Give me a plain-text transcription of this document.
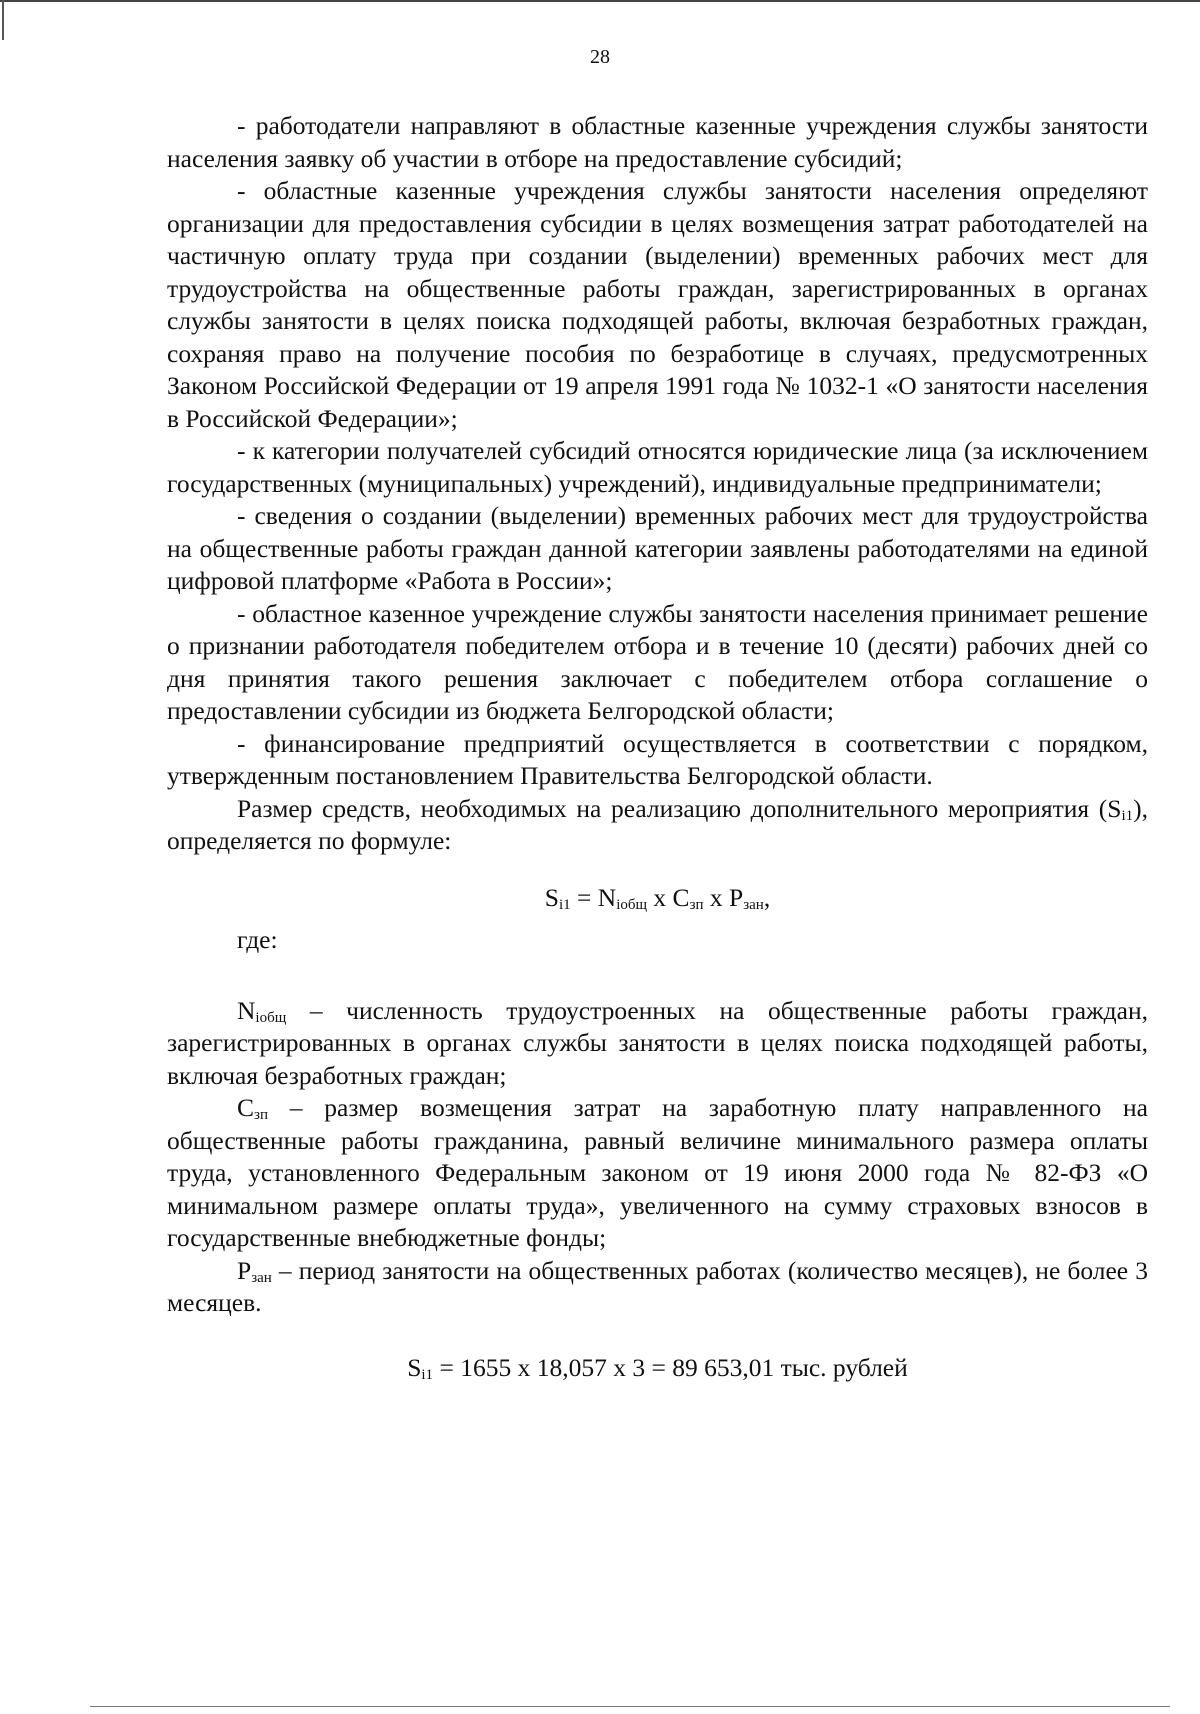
28

- работодатели направляют в областные казенные учреждения службы занятости населения заявку об участии в отборе на предоставление субсидий;

- областные казенные учреждения службы занятости населения определяют организации для предоставления субсидии в целях возмещения затрат работодателей на частичную оплату труда при создании (выделении) временных рабочих мест для трудоустройства на общественные работы граждан, зарегистрированных в органах службы занятости в целях поиска подходящей работы, включая безработных граждан, сохраняя право на получение пособия по безработице в случаях, предусмотренных Законом Российской Федерации от 19 апреля 1991 года № 1032-1 «О занятости населения в Российской Федерации»;

- к категории получателей субсидий относятся юридические лица (за исключением государственных (муниципальных) учреждений), индивидуальные предприниматели;

- сведения о создании (выделении) временных рабочих мест для трудоустройства на общественные работы граждан данной категории заявлены работодателями на единой цифровой платформе «Работа в России»;

- областное казенное учреждение службы занятости населения принимает решение о признании работодателя победителем отбора и в течение 10 (десяти) рабочих дней со дня принятия такого решения заключает с победителем отбора соглашение о предоставлении субсидии из бюджета Белгородской области;

- финансирование предприятий осуществляется в соответствии с порядком, утвержденным постановлением Правительства Белгородской области.

Размер средств, необходимых на реализацию дополнительного мероприятия $(S_{i1})$, определяется по формуле:

$S_{i1} = N_{iобщ}$ х $С_{зп}$ х $Р_{зан}$,
где:

$N_{iобщ}$ – численность трудоустроенных на общественные работы граждан, зарегистрированных в органах службы занятости в целях поиска подходящей работы, включая безработных граждан;

$С_{зп}$ – размер возмещения затрат на заработную плату направленного на общественные работы гражданина, равный величине минимального размера оплаты труда, установленного Федеральным законом от 19 июня 2000 года № 82-ФЗ «О минимальном размере оплаты труда», увеличенного на сумму страховых взносов в государственные внебюджетные фонды;

$Р_{зан}$ – период занятости на общественных работах (количество месяцев), не более 3 месяцев.

$S_{i1} = 1655$ х 18,057 х 3 = 89 653,01 тыс. рублей
